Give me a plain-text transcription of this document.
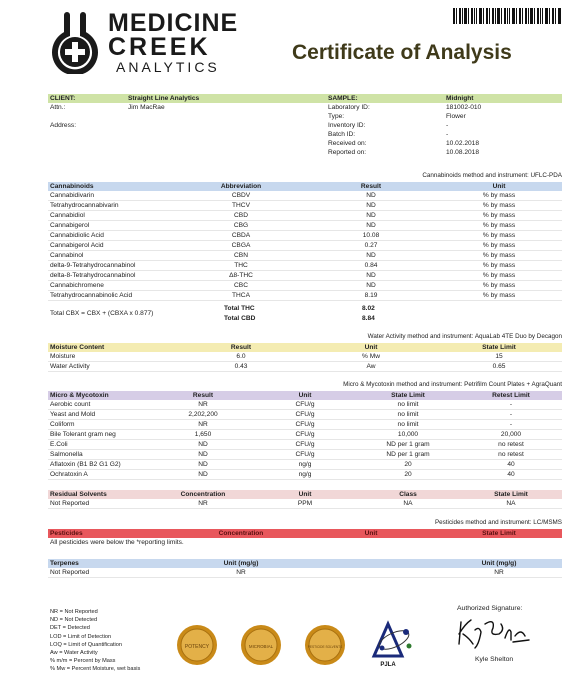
MEDICINE
CREEK
ANALYTICS
Certificate of Analysis
CLIENT:	Straight Line Analytics	SAMPLE:	Midnight
Attn.:	Jim MacRae	Laboratory ID:	181002-010
		Type:	Flower
Address:		Inventory ID:	-
		Batch ID:	-
		Received on:	10.02.2018
		Reported on:	10.08.2018
Cannabinoids method and instrument: UFLC-PDA
Cannabinoids	Abbreviation	Result	Unit
Cannabidivarin	CBDV	ND	% by mass
Tetrahydrocannabivarin	THCV	ND	% by mass
Cannabidiol	CBD	ND	% by mass
Cannabigerol	CBG	ND	% by mass
Cannabidiolic Acid	CBDA	10.08	% by mass
Cannabigerol Acid	CBGA	0.27	% by mass
Cannabinol	CBN	ND	% by mass
delta-9-Tetrahydrocannabinol	THC	0.84	% by mass
delta-8-Tetrahydrocannabinol	Δ8-THC	ND	% by mass
Cannabichromene	CBC	ND	% by mass
Tetrahydrocannabinolic Acid	THCA	8.19	% by mass
Total THC	8.02
Total CBD	8.84
Total CBX = CBX + (CBXA x 0.877)
Water Activity method and instrument: AquaLab 4TE Duo by Decagon
Moisture Content	Result	Unit	State Limit
Moisture	6.0	% Mw	15
Water Activity	0.43	Aw	0.65
Micro & Mycotoxin method and instrument: Petrifilm Count Plates + AgraQuant
Micro & Mycotoxin	Result	Unit	State Limit	Retest Limit
Aerobic count	NR	CFU/g	no limit	-
Yeast and Mold	2,202,200	CFU/g	no limit	-
Coliform	NR	CFU/g	no limit	-
Bile Tolerant gram neg	1,650	CFU/g	10,000	20,000
E.Coli	ND	CFU/g	ND per 1 gram	no retest
Salmonella	ND	CFU/g	ND per 1 gram	no retest
Aflatoxin (B1 B2 G1 G2)	ND	ng/g	20	40
Ochratoxin A	ND	ng/g	20	40
Residual Solvents	Concentration	Unit	Class	State Limit
Not Reported	NR	PPM	NA	NA
Pesticides method and instrument: LC/MSMS
Pesticides	Concentration	Unit	State Limit
All pesticides were below the *reporting limits.
Terpenes	Unit (mg/g)		Unit (mg/g)
Not Reported	NR		NR
NR = Not Reported
ND = Not Detected
DET = Detected
LOD = Limit of Detection
LOQ = Limit of Quantification
Aw = Water Activity
% m/m = Percent by Mass
% Mw = Percent Moisture, wet basis
POTENCY	MICROBIAL	PESTICIDE SOLVENTS
PJLA
Authorized Signature:
Kyle Shelton
